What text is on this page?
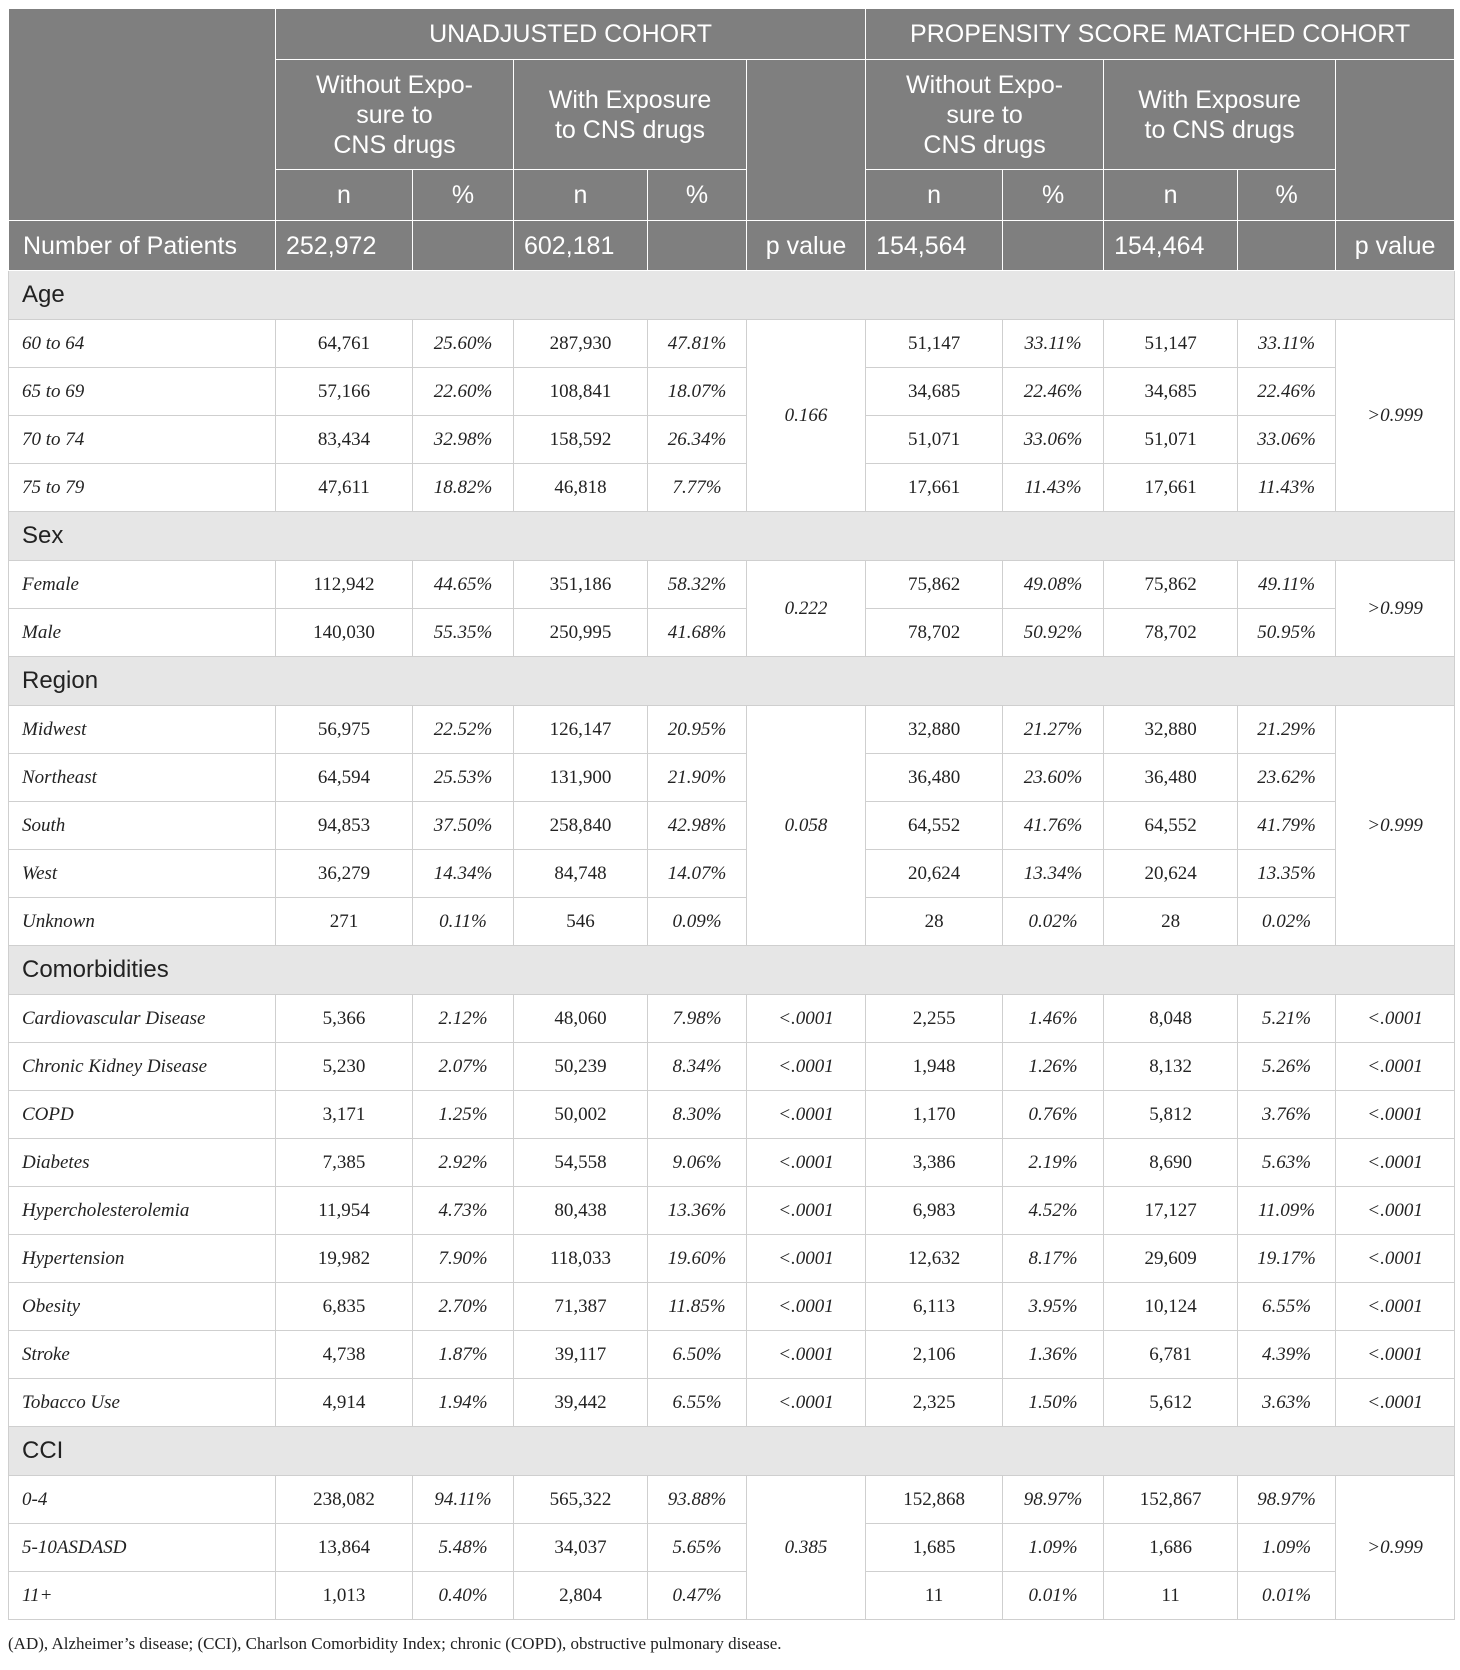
	UNADJUSTED COHORT					PROPENSITY SCORE MATCHED COHORT				
	Without Expo-
sure to
CNS drugs		With Exposure
to CNS drugs			Without Expo-
sure to
CNS drugs		With Exposure
to CNS drugs		
	n	%	n	%		n	%	n	%	
Number of Patients	252,972		602,181		p value	154,564		154,464		p value
Age										
60 to 64	64,761	25.60%	287,930	47.81%	0.166	51,147	33.11%	51,147	33.11%	>0.999
65 to 69	57,166	22.60%	108,841	18.07%		34,685	22.46%	34,685	22.46%	
70 to 74	83,434	32.98%	158,592	26.34%		51,071	33.06%	51,071	33.06%	
75 to 79	47,611	18.82%	46,818	7.77%		17,661	11.43%	17,661	11.43%	
Sex										
Female	112,942	44.65%	351,186	58.32%	0.222	75,862	49.08%	75,862	49.11%	>0.999
Male	140,030	55.35%	250,995	41.68%		78,702	50.92%	78,702	50.95%	
Region										
Midwest	56,975	22.52%	126,147	20.95%	0.058	32,880	21.27%	32,880	21.29%	>0.999
Northeast	64,594	25.53%	131,900	21.90%		36,480	23.60%	36,480	23.62%	
South	94,853	37.50%	258,840	42.98%		64,552	41.76%	64,552	41.79%	
West	36,279	14.34%	84,748	14.07%		20,624	13.34%	20,624	13.35%	
Unknown	271	0.11%	546	0.09%		28	0.02%	28	0.02%	
Comorbidities										
Cardiovascular Disease	5,366	2.12%	48,060	7.98%	<.0001	2,255	1.46%	8,048	5.21%	<.0001
Chronic Kidney Disease	5,230	2.07%	50,239	8.34%	<.0001	1,948	1.26%	8,132	5.26%	<.0001
COPD	3,171	1.25%	50,002	8.30%	<.0001	1,170	0.76%	5,812	3.76%	<.0001
Diabetes	7,385	2.92%	54,558	9.06%	<.0001	3,386	2.19%	8,690	5.63%	<.0001
Hypercholesterolemia	11,954	4.73%	80,438	13.36%	<.0001	6,983	4.52%	17,127	11.09%	<.0001
Hypertension	19,982	7.90%	118,033	19.60%	<.0001	12,632	8.17%	29,609	19.17%	<.0001
Obesity	6,835	2.70%	71,387	11.85%	<.0001	6,113	3.95%	10,124	6.55%	<.0001
Stroke	4,738	1.87%	39,117	6.50%	<.0001	2,106	1.36%	6,781	4.39%	<.0001
Tobacco Use	4,914	1.94%	39,442	6.55%	<.0001	2,325	1.50%	5,612	3.63%	<.0001
CCI										
0-4	238,082	94.11%	565,322	93.88%	0.385	152,868	98.97%	152,867	98.97%	>0.999
5-10ASDASD	13,864	5.48%	34,037	5.65%		1,685	1.09%	1,686	1.09%	
11+	1,013	0.40%	2,804	0.47%		11	0.01%	11	0.01%	
(AD), Alzheimer’s disease; (CCI), Charlson Comorbidity Index; chronic (COPD), obstructive pulmonary disease.
